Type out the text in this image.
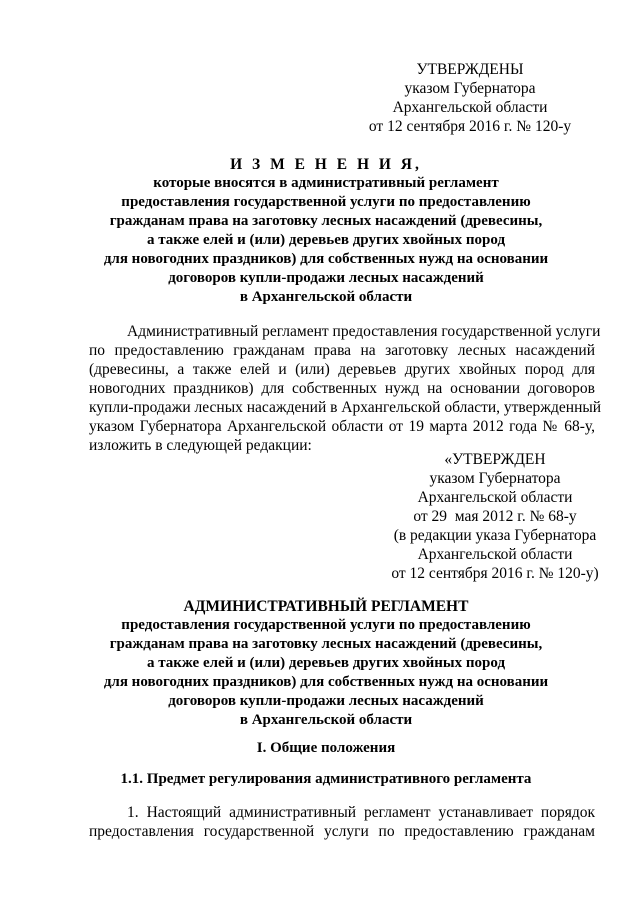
УТВЕРЖДЕНЫ
указом Губернатора
Архангельской области
от 12 сентября 2016 г. № 120-у
И З М Е Н Е Н И Я,
которые вносятся в административный регламент
предоставления государственной услуги по предоставлению
гражданам права на заготовку лесных насаждений (древесины,
а также елей и (или) деревьев других хвойных пород
для новогодних праздников) для собственных нужд на основании
договоров купли-продажи лесных насаждений
в Архангельской области
Административный регламент предоставления государственной услуги
по предоставлению гражданам права на заготовку лесных насаждений
(древесины, а также елей и (или) деревьев других хвойных пород для
новогодних праздников) для собственных нужд на основании договоров
купли-продажи лесных насаждений в Архангельской области, утвержденный
указом Губернатора Архангельской области от 19 марта 2012 года № 68-у,
изложить в следующей редакции:
«УТВЕРЖДЕН
указом Губернатора
Архангельской области
от 29  мая 2012 г. № 68-у
(в редакции указа Губернатора
Архангельской области
от 12 сентября 2016 г. № 120-у)
АДМИНИСТРАТИВНЫЙ РЕГЛАМЕНТ
предоставления государственной услуги по предоставлению
гражданам права на заготовку лесных насаждений (древесины,
а также елей и (или) деревьев других хвойных пород
для новогодних праздников) для собственных нужд на основании
договоров купли-продажи лесных насаждений
в Архангельской области
I. Общие положения
1.1. Предмет регулирования административного регламента
1. Настоящий административный регламент устанавливает порядок
предоставления государственной услуги по предоставлению гражданам
